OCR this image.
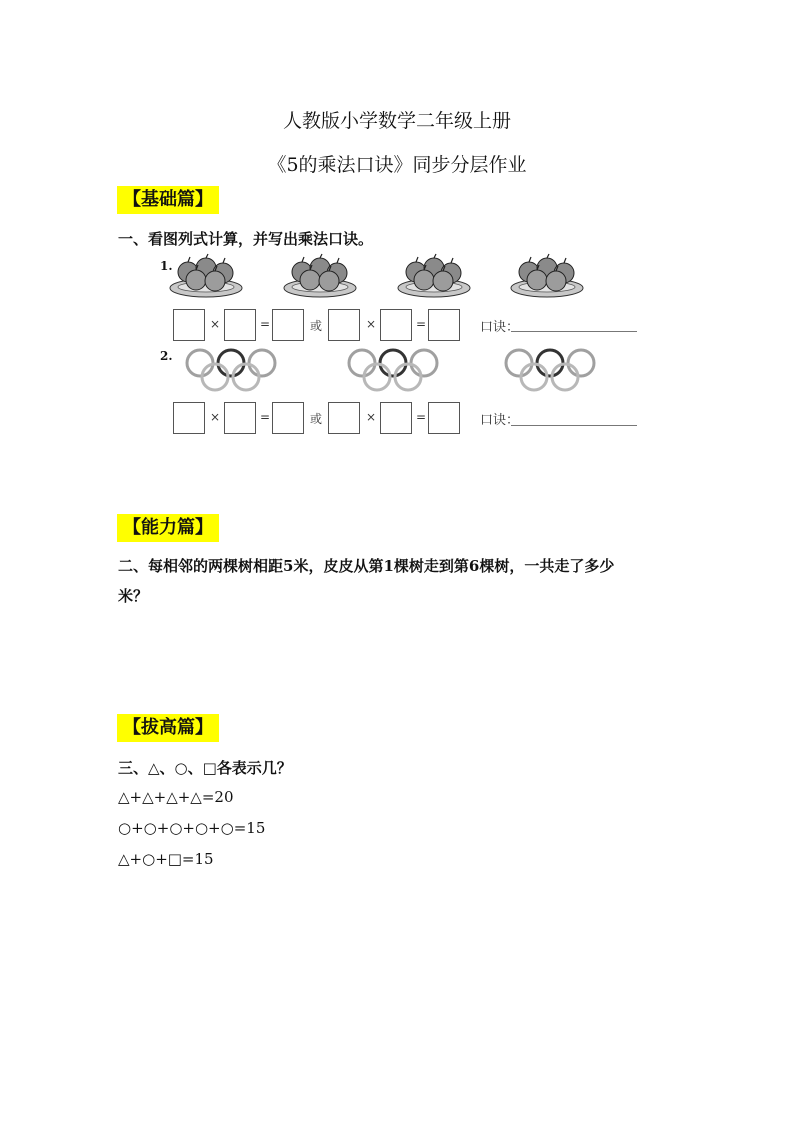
人教版小学数学二年级上册
《5的乘法口诀》同步分层作业
【基础篇】
一、看图列式计算，并写出乘法口诀。
1.
×	=	或	×	=	口诀：
2.
×	=	或	×	=	口诀：
【能力篇】
二、每相邻的两棵树相距5米，皮皮从第1棵树走到第6棵树，一共走了多少
米？
【拔高篇】
三、△、○、□各表示几？
△+△+△+△=20
○+○+○+○+○=15
△+○+□=15
